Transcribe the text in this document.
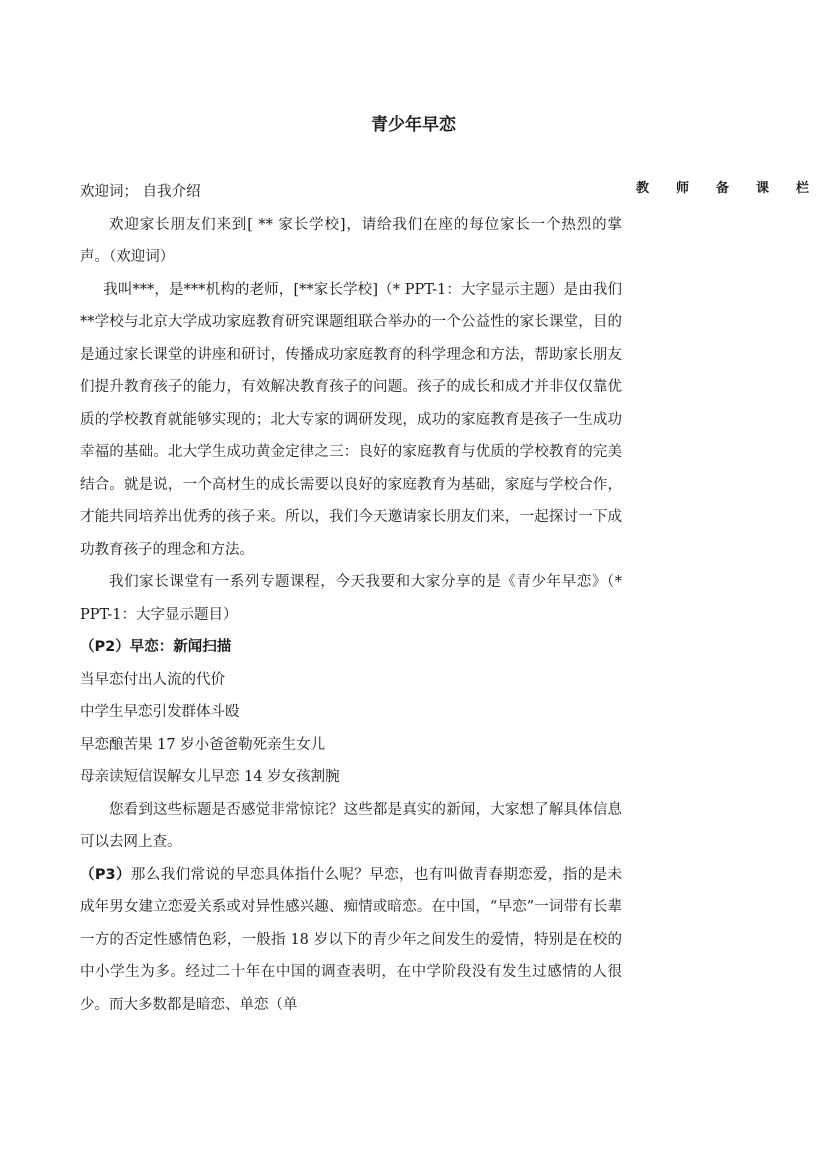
青少年早恋
教 师 备 课 栏

欢迎词； 自我介绍

欢迎家长朋友们来到[ ** 家长学校]，请给我们在座的每位家长一个热烈的掌声。（欢迎词）

我叫***，是***机构的老师，[**家长学校]（* PPT-1：大字显示主题）是由我们**学校与北京大学成功家庭教育研究课题组联合举办的一个公益性的家长课堂，目的是通过家长课堂的讲座和研讨，传播成功家庭教育的科学理念和方法，帮助家长朋友们提升教育孩子的能力，有效解决教育孩子的问题。孩子的成长和成才并非仅仅靠优质的学校教育就能够实现的；北大专家的调研发现，成功的家庭教育是孩子一生成功幸福的基础。北大学生成功黄金定律之三：良好的家庭教育与优质的学校教育的完美结合。就是说，一个高材生的成长需要以良好的家庭教育为基础，家庭与学校合作，才能共同培养出优秀的孩子来。所以，我们今天邀请家长朋友们来，一起探讨一下成功教育孩子的理念和方法。

我们家长课堂有一系列专题课程，今天我要和大家分享的是《青少年早恋》（* PPT-1：大字显示题目）

（P2）早恋：新闻扫描

当早恋付出人流的代价

中学生早恋引发群体斗殴

早恋酿苦果 17 岁小爸爸勒死亲生女儿

母亲读短信误解女儿早恋 14 岁女孩割腕

您看到这些标题是否感觉非常惊诧？这些都是真实的新闻，大家想了解具体信息可以去网上查。

（P3）那么我们常说的早恋具体指什么呢？早恋，也有叫做青春期恋爱，指的是未成年男女建立恋爱关系或对异性感兴趣、痴情或暗恋。在中国，“早恋”一词带有长辈一方的否定性感情色彩，一般指 18 岁以下的青少年之间发生的爱情，特别是在校的中小学生为多。经过二十年在中国的调查表明，在中学阶段没有发生过感情的人很少。而大多数都是暗恋、单恋（单
